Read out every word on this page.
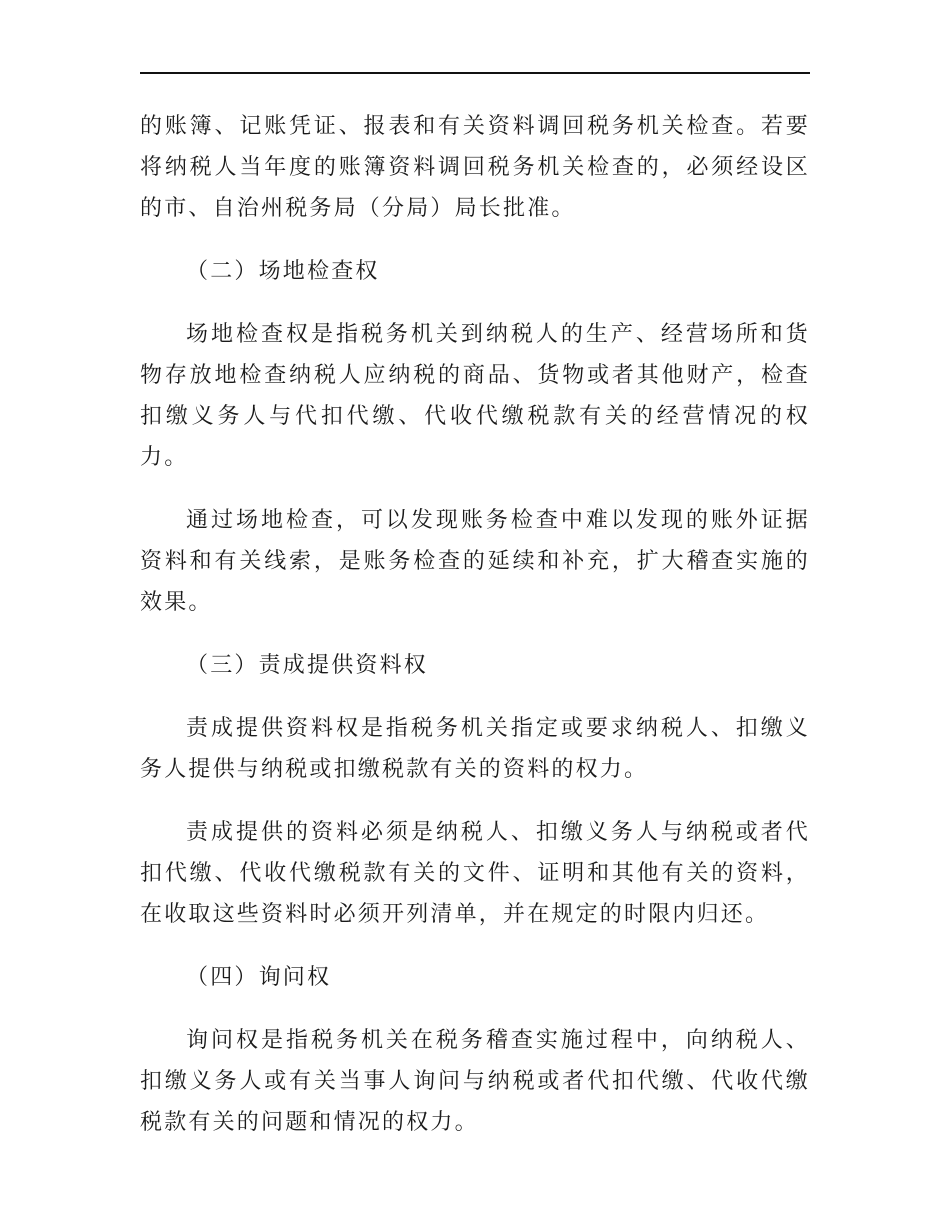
的账簿、记账凭证、报表和有关资料调回税务机关检查。若要将纳税人当年度的账簿资料调回税务机关检查的，必须经设区的市、自治州税务局（分局）局长批准。

（二）场地检查权

场地检查权是指税务机关到纳税人的生产、经营场所和货物存放地检查纳税人应纳税的商品、货物或者其他财产，检查扣缴义务人与代扣代缴、代收代缴税款有关的经营情况的权力。

通过场地检查，可以发现账务检查中难以发现的账外证据资料和有关线索，是账务检查的延续和补充，扩大稽查实施的效果。

（三）责成提供资料权

责成提供资料权是指税务机关指定或要求纳税人、扣缴义务人提供与纳税或扣缴税款有关的资料的权力。

责成提供的资料必须是纳税人、扣缴义务人与纳税或者代扣代缴、代收代缴税款有关的文件、证明和其他有关的资料，在收取这些资料时必须开列清单，并在规定的时限内归还。

（四）询问权

询问权是指税务机关在税务稽查实施过程中，向纳税人、扣缴义务人或有关当事人询问与纳税或者代扣代缴、代收代缴税款有关的问题和情况的权力。
